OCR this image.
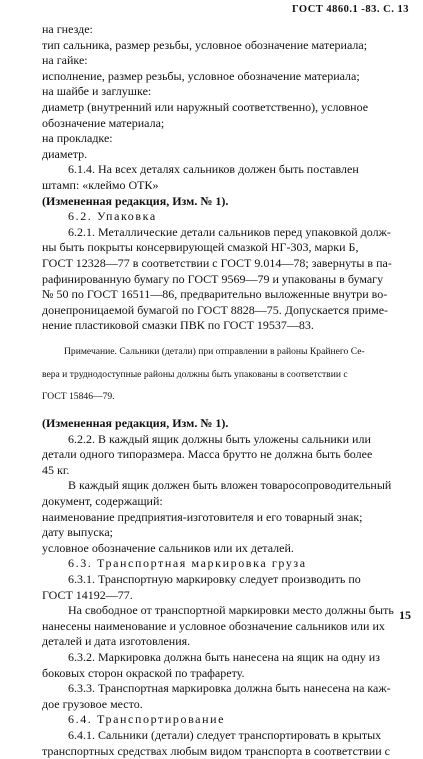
ГОСТ 4860.1 -83. С. 13

на гнезде:

тип сальника, размер резьбы, условное обозначение материала;

на гайке:

исполнение, размер резьбы, условное обозначение материала;

на шайбе и заглушке:

диаметр (внутренний или наружный соответственно), условное

обозначение материала;

на прокладке:

диаметр.

6.1.4. На всех деталях сальников должен быть поставлен

штамп: «клеймо ОТК»

(Измененная редакция, Изм. № 1).

6.2. Упаковка

6.2.1. Металлические детали сальников перед упаковкой долж-

ны быть покрыты консервирующей смазкой НГ-303, марки Б,

ГОСТ 12328—77 в соответствии с ГОСТ 9.014—78; завернуты в па-

рафинированную бумагу по ГОСТ 9569—79 и упакованы в бумагу

№ 50 по ГОСТ 16511—86, предварительно выложенные внутри во-

донепроницаемой бумагой по ГОСТ 8828—75. Допускается приме-

нение пластиковой смазки ПВК по ГОСТ 19537—83.

Примечание. Сальники (детали) при отправлении в районы Крайнего Се-

вера и труднодоступные районы должны быть упакованы в соответствии с

ГОСТ 15846—79.

(Измененная редакция, Изм. № 1).

6.2.2. В каждый ящик должны быть уложены сальники или

детали одного типоразмера. Масса брутто не должна быть более

45 кг.

В каждый ящик должен быть вложен товаросопроводительный

документ, содержащий:

наименование предприятия-изготовителя и его товарный знак;

дату выпуска;

условное обозначение сальников или их деталей.

6.3. Транспортная маркировка груза

6.3.1. Транспортную маркировку следует производить по

ГОСТ 14192—77.

На свободное от транспортной маркировки место должны быть

нанесены наименование и условное обозначение сальников или их

деталей и дата изготовления.

6.3.2. Маркировка должна быть нанесена на ящик на одну из

боковых сторон окраской по трафарету.

6.3.3. Транспортная маркировка должна быть нанесена на каж-

дое грузовое место.

6.4. Транспортирование

6.4.1. Сальники (детали) следует транспортировать в крытых

транспортных средствах любым видом транспорта в соответствии с

15
